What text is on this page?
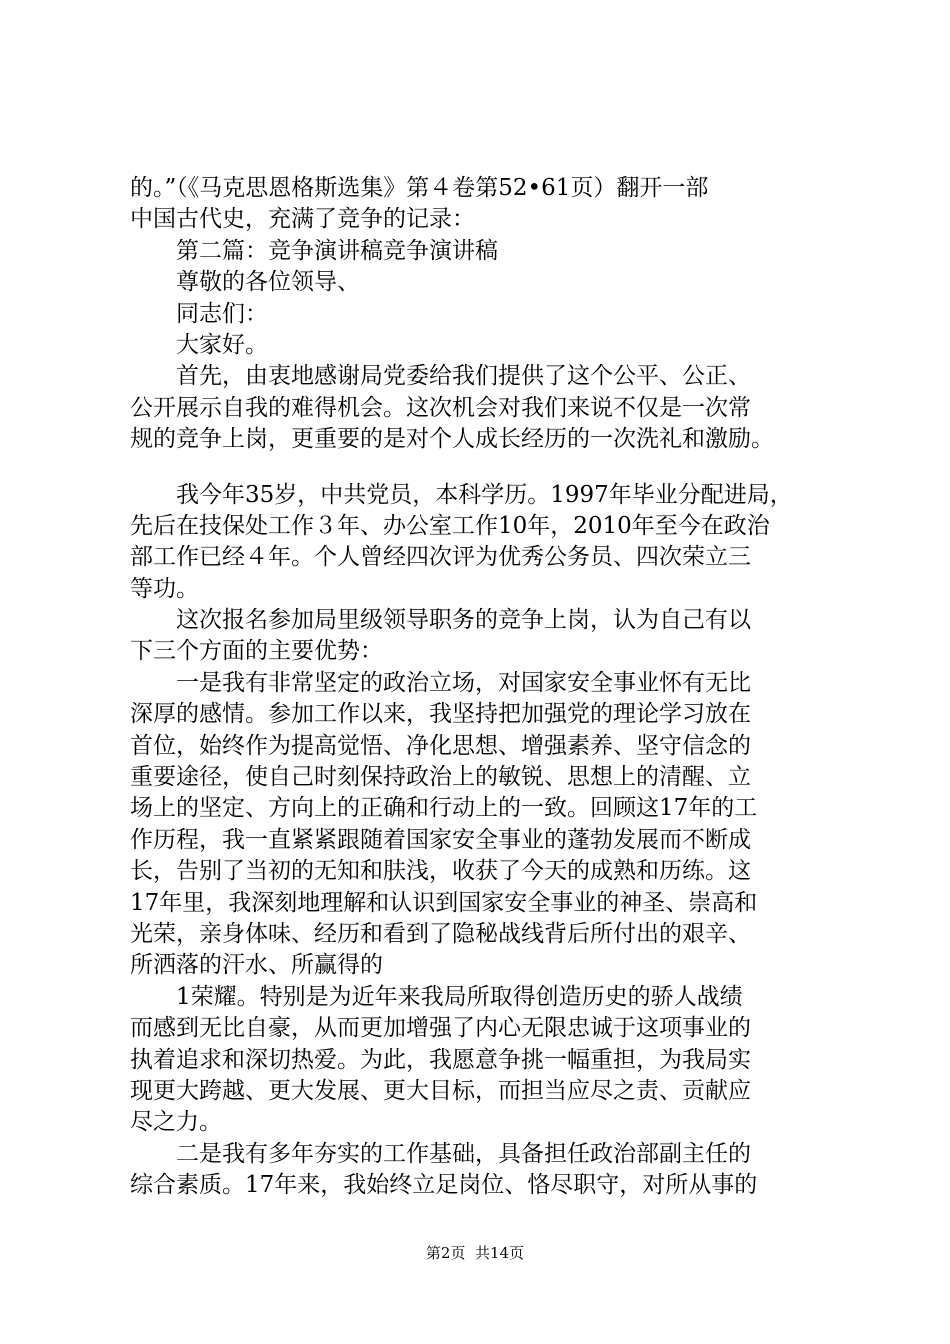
的。”（《马克思恩格斯选集》第４卷第52•61页）翻开一部
中国古代史，充满了竞争的记录：
　　第二篇：竞争演讲稿竞争演讲稿
　　尊敬的各位领导、
　　同志们：
　　大家好。
　　首先，由衷地感谢局党委给我们提供了这个公平、公正、
公开展示自我的难得机会。这次机会对我们来说不仅是一次常
规的竞争上岗，更重要的是对个人成长经历的一次洗礼和激励。
　　我今年35岁，中共党员，本科学历。1997年毕业分配进局，
先后在技保处工作３年、办公室工作10年，2010年至今在政治
部工作已经４年。个人曾经四次评为优秀公务员、四次荣立三
等功。
　　这次报名参加局里级领导职务的竞争上岗，认为自己有以
下三个方面的主要优势：
　　一是我有非常坚定的政治立场，对国家安全事业怀有无比
深厚的感情。参加工作以来，我坚持把加强党的理论学习放在
首位，始终作为提高觉悟、净化思想、增强素养、坚守信念的
重要途径，使自己时刻保持政治上的敏锐、思想上的清醒、立
场上的坚定、方向上的正确和行动上的一致。回顾这17年的工
作历程，我一直紧紧跟随着国家安全事业的蓬勃发展而不断成
长，告别了当初的无知和肤浅，收获了今天的成熟和历练。这
17年里，我深刻地理解和认识到国家安全事业的神圣、崇高和
光荣，亲身体味、经历和看到了隐秘战线背后所付出的艰辛、
所洒落的汗水、所赢得的
　　1荣耀。特别是为近年来我局所取得创造历史的骄人战绩
而感到无比自豪，从而更加增强了内心无限忠诚于这项事业的
执着追求和深切热爱。为此，我愿意争挑一幅重担，为我局实
现更大跨越、更大发展、更大目标，而担当应尽之责、贡献应
尽之力。
　　二是我有多年夯实的工作基础，具备担任政治部副主任的
综合素质。17年来，我始终立足岗位、恪尽职守，对所从事的
第2页  共14页
